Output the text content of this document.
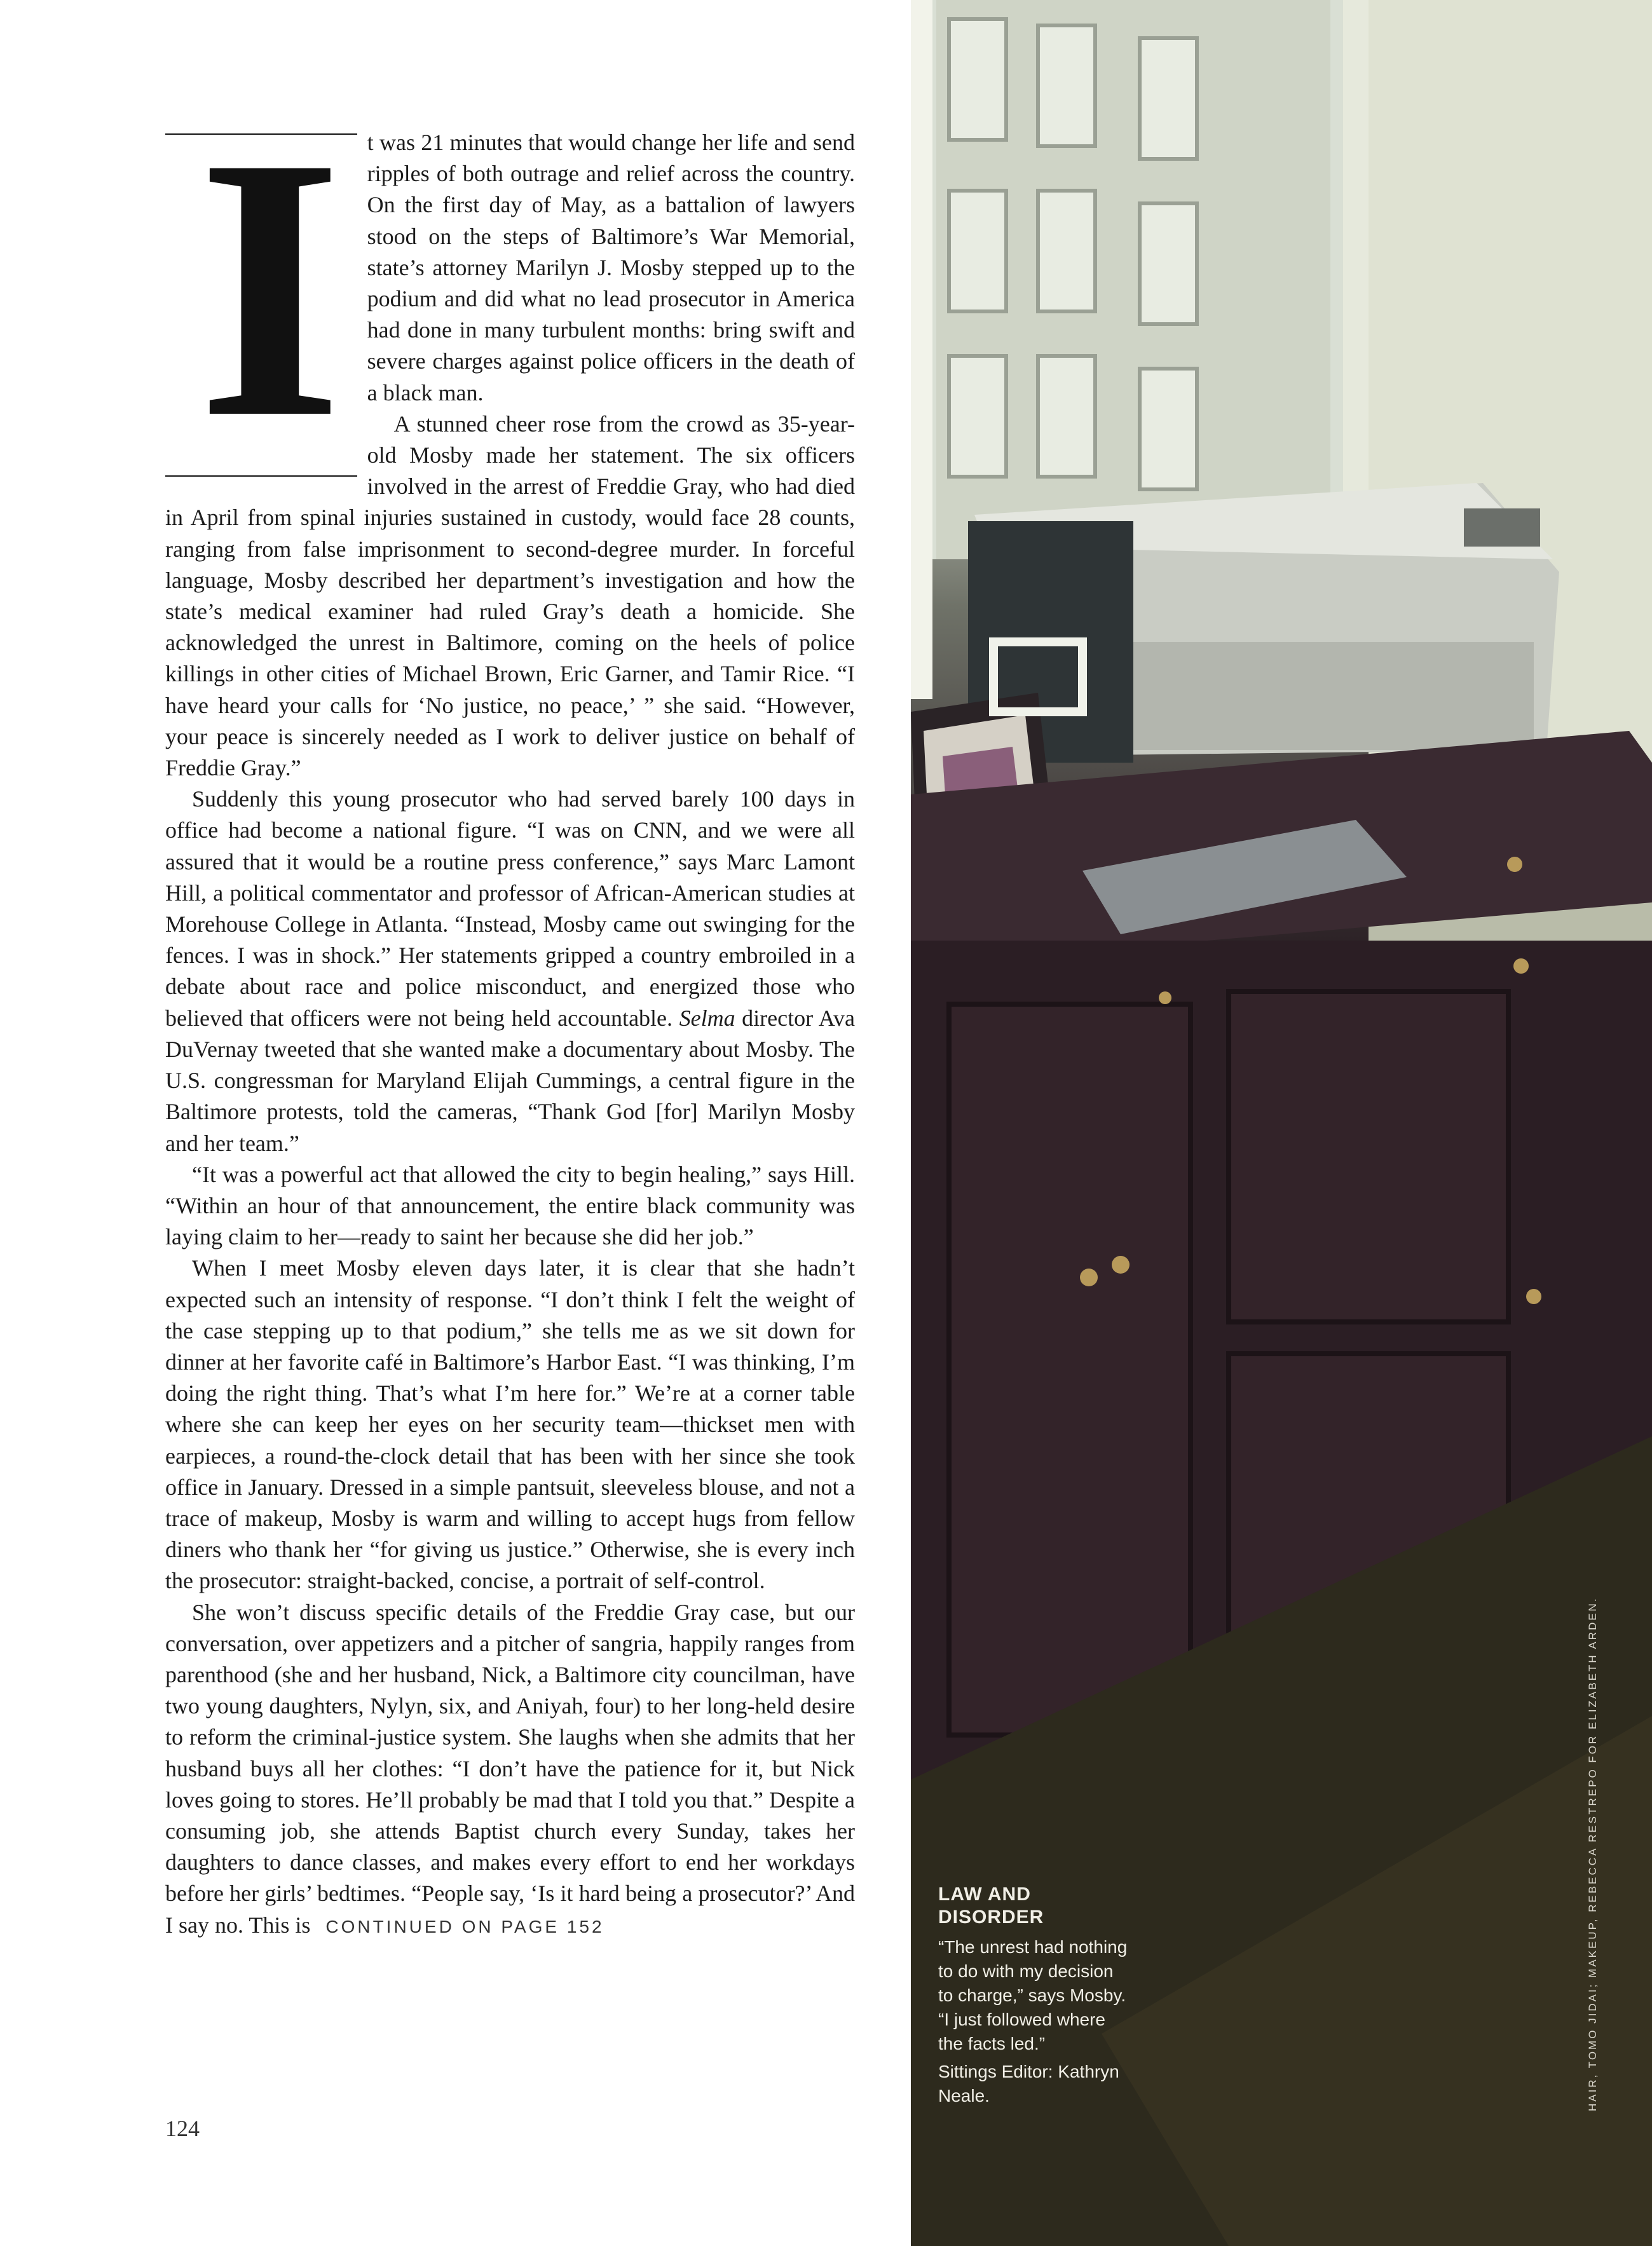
I	t was 21 minutes that would change her life and send ripples of both outrage and relief across the country. On the first day of May, as a battalion of lawyers stood on the steps of Baltimore’s War Memorial, state’s attorney Marilyn J. Mosby stepped up to the podium and did what no lead prosecutor in America had done in many turbulent months: bring swift and severe charges against police officers in the death of a black man.

A stunned cheer rose from the crowd as 35-year-old Mosby made her statement. The six officers involved in the arrest of Freddie Gray, who had died in April from spinal injuries sustained in custody, would face 28 counts, ranging from false imprisonment to second-degree murder. In forceful language, Mosby described her department’s investigation and how the state’s medical examiner had ruled Gray’s death a homicide. She acknowledged the unrest in Baltimore, coming on the heels of police killings in other cities of Michael Brown, Eric Garner, and Tamir Rice. “I have heard your calls for ‘No justice, no peace,’ ” she said. “However, your peace is sincerely needed as I work to deliver justice on behalf of Freddie Gray.”

Suddenly this young prosecutor who had served barely 100 days in office had become a national figure. “I was on CNN, and we were all assured that it would be a routine press conference,” says Marc Lamont Hill, a political commentator and professor of African-American studies at Morehouse College in Atlanta. “Instead, Mosby came out swinging for the fences. I was in shock.” Her statements gripped a country embroiled in a debate about race and police misconduct, and energized those who believed that officers were not being held accountable. Selma director Ava DuVernay tweeted that she wanted make a documentary about Mosby. The U.S. congressman for Maryland Elijah Cummings, a central figure in the Baltimore protests, told the cameras, “Thank God [for] Marilyn Mosby and her team.”

“It was a powerful act that allowed the city to begin healing,” says Hill. “Within an hour of that announcement, the entire black community was laying claim to her—ready to saint her because she did her job.”

When I meet Mosby eleven days later, it is clear that she hadn’t expected such an intensity of response. “I don’t think I felt the weight of the case stepping up to that podium,” she tells me as we sit down for dinner at her favorite café in Baltimore’s Harbor East. “I was thinking, I’m doing the right thing. That’s what I’m here for.” We’re at a corner table where she can keep her eyes on her security team—thickset men with earpieces, a round-the-clock detail that has been with her since she took office in January. Dressed in a simple pantsuit, sleeveless blouse, and not a trace of makeup, Mosby is warm and willing to accept hugs from fellow diners who thank her “for giving us justice.” Otherwise, she is every inch the prosecutor: straight-backed, concise, a portrait of self-control.

She won’t discuss specific details of the Freddie Gray case, but our conversation, over appetizers and a pitcher of sangria, happily ranges from parenthood (she and her husband, Nick, a Baltimore city councilman, have two young daughters, Nylyn, six, and Aniyah, four) to her long-held desire to reform the criminal-justice system. She laughs when she admits that her husband buys all her clothes: “I don’t have the patience for it, but Nick loves going to stores. He’ll probably be mad that I told you that.” Despite a consuming job, she attends Baptist church every Sunday, takes her daughters to dance classes, and makes every effort to end her workdays before her girls’ bedtimes. “People say, ‘Is it hard being a prosecutor?’ And I say no. This is CONTINUED ON PAGE 152

124
LAW AND
DISORDER
“The unrest had nothing to do with my decision to charge,” says Mosby. “I just followed where the facts led.”
Sittings Editor: Kathryn Neale.	HAIR, TOMO JIDAI; MAKEUP, REBECCA RESTREPO FOR ELIZABETH ARDEN.
